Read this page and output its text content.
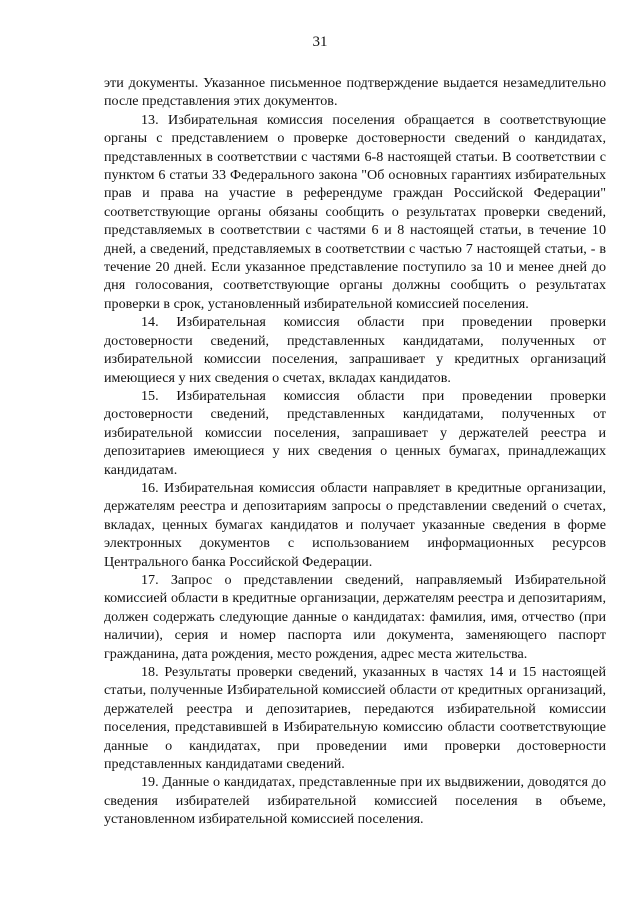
31

эти документы. Указанное письменное подтверждение выдается незамедлительно после представления этих документов.

13. Избирательная комиссия поселения обращается в соответствующие органы с представлением о проверке достоверности сведений о кандидатах, представленных в соответствии с частями 6-8 настоящей статьи. В соответствии с пунктом 6 статьи 33 Федерального закона "Об основных гарантиях избирательных прав и права на участие в референдуме граждан Российской Федерации" соответствующие органы обязаны сообщить о результатах проверки сведений, представляемых в соответствии с частями 6 и 8 настоящей статьи, в течение 10 дней, а сведений, представляемых в соответствии с частью 7 настоящей статьи, - в течение 20 дней. Если указанное представление поступило за 10 и менее дней до дня голосования, соответствующие органы должны сообщить о результатах проверки в срок, установленный избирательной комиссией поселения.

14. Избирательная комиссия области при проведении проверки достоверности сведений, представленных кандидатами, полученных от избирательной комиссии поселения, запрашивает у кредитных организаций имеющиеся у них сведения о счетах, вкладах кандидатов.

15. Избирательная комиссия области при проведении проверки достоверности сведений, представленных кандидатами, полученных от избирательной комиссии поселения, запрашивает у держателей реестра и депозитариев имеющиеся у них сведения о ценных бумагах, принадлежащих кандидатам.

16. Избирательная комиссия области направляет в кредитные организации, держателям реестра и депозитариям запросы о представлении сведений о счетах, вкладах, ценных бумагах кандидатов и получает указанные сведения в форме электронных документов с использованием информационных ресурсов Центрального банка Российской Федерации.

17. Запрос о представлении сведений, направляемый Избирательной комиссией области в кредитные организации, держателям реестра и депозитариям, должен содержать следующие данные о кандидатах: фамилия, имя, отчество (при наличии), серия и номер паспорта или документа, заменяющего паспорт гражданина, дата рождения, место рождения, адрес места жительства.

18. Результаты проверки сведений, указанных в частях 14 и 15 настоящей статьи, полученные Избирательной комиссией области от кредитных организаций, держателей реестра и депозитариев, передаются избирательной комиссии поселения, представившей в Избирательную комиссию области соответствующие данные о кандидатах, при проведении ими проверки достоверности представленных кандидатами сведений.

19. Данные о кандидатах, представленные при их выдвижении, доводятся до сведения избирателей избирательной комиссией поселения в объеме, установленном избирательной комиссией поселения.
